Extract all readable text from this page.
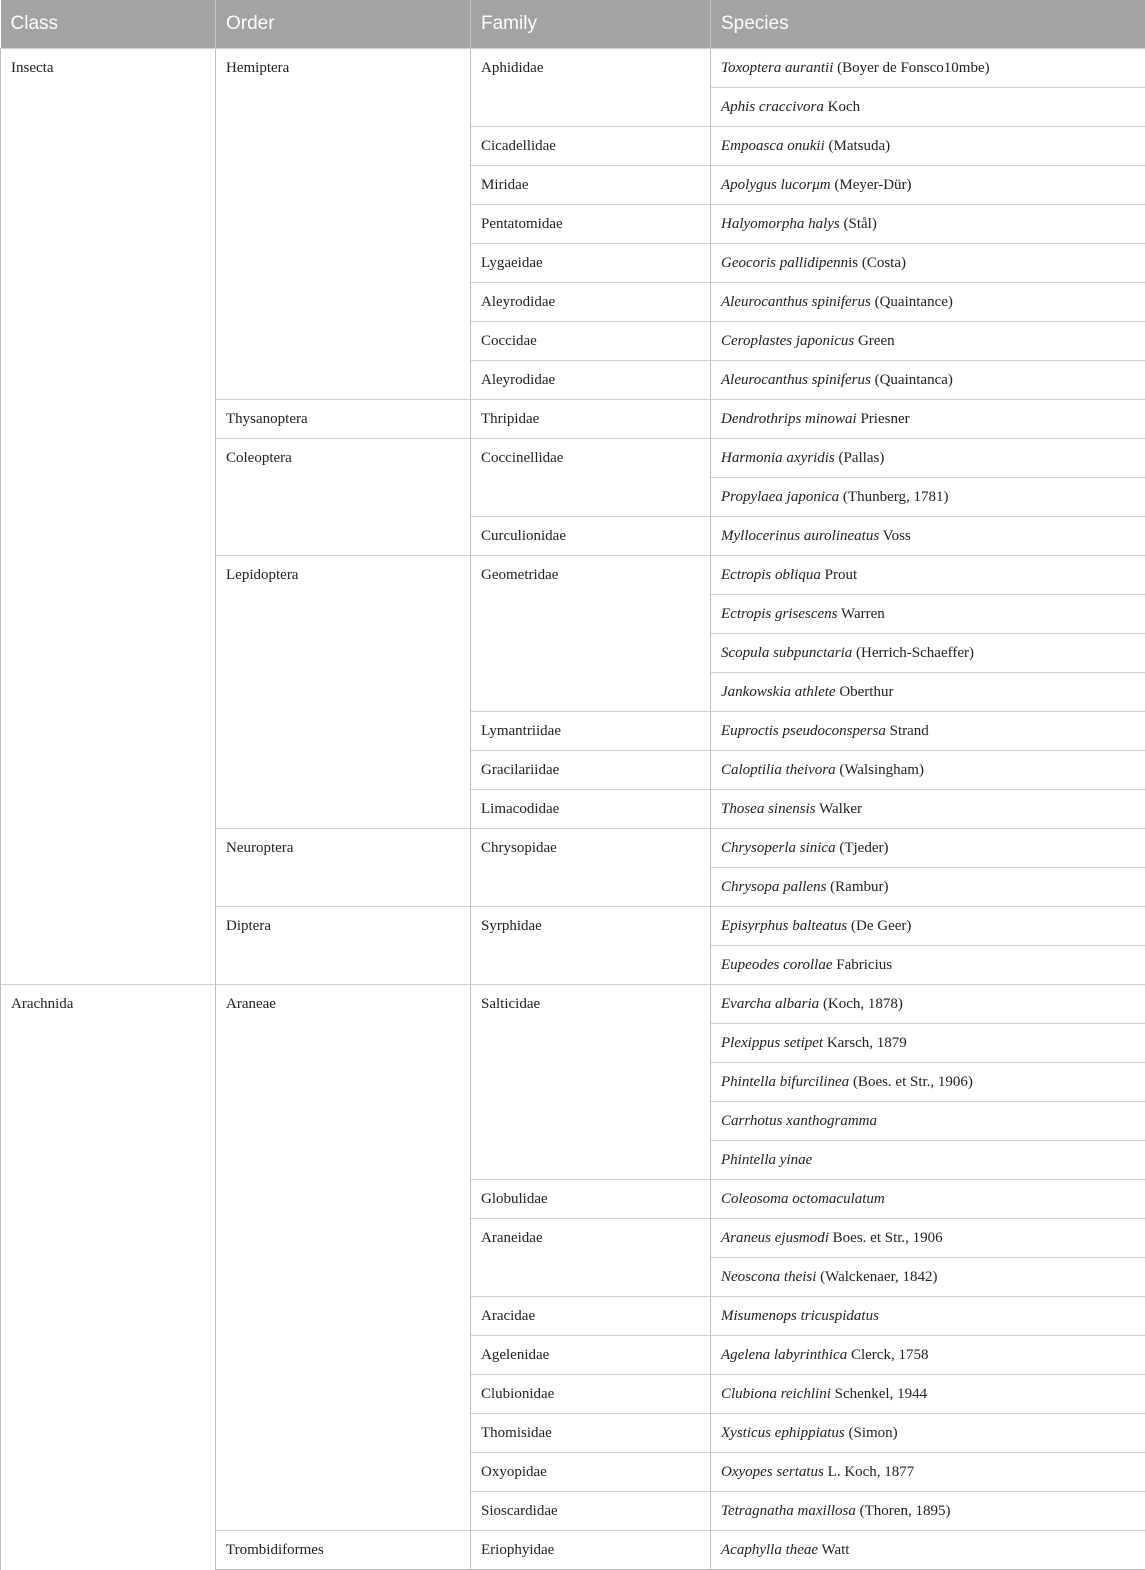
Class	Order	Family	Species
Insecta	Hemiptera	Aphididae	Toxoptera aurantii (Boyer de Fonsco10mbe)
			Aphis craccivora Koch
		Cicadellidae	Empoasca onukii (Matsuda)
		Miridae	Apolygus lucorμm (Meyer-Dür)
		Pentatomidae	Halyomorpha halys (Stål)
		Lygaeidae	Geocoris pallidipennis (Costa)
		Aleyrodidae	Aleurocanthus spiniferus (Quaintance)
		Coccidae	Ceroplastes japonicus Green
		Aleyrodidae	Aleurocanthus spiniferus (Quaintanca)
	Thysanoptera	Thripidae	Dendrothrips minowai Priesner
	Coleoptera	Coccinellidae	Harmonia axyridis (Pallas)
			Propylaea japonica (Thunberg, 1781)
		Curculionidae	Myllocerinus aurolineatus Voss
	Lepidoptera	Geometridae	Ectropis obliqua Prout
			Ectropis grisescens Warren
			Scopula subpunctaria (Herrich-Schaeffer)
			Jankowskia athlete Oberthur
		Lymantriidae	Euproctis pseudoconspersa Strand
		Gracilariidae	Caloptilia theivora (Walsingham)
		Limacodidae	Thosea sinensis Walker
	Neuroptera	Chrysopidae	Chrysoperla sinica (Tjeder)
			Chrysopa pallens (Rambur)
	Diptera	Syrphidae	Episyrphus balteatus (De Geer)
			Eupeodes corollae Fabricius
Arachnida	Araneae	Salticidae	Evarcha albaria (Koch, 1878)
			Plexippus setipet Karsch, 1879
			Phintella bifurcilinea (Boes. et Str., 1906)
			Carrhotus xanthogramma
			Phintella yinae
		Globulidae	Coleosoma octomaculatum
		Araneidae	Araneus ejusmodi Boes. et Str., 1906
			Neoscona theisi (Walckenaer, 1842)
		Aracidae	Misumenops tricuspidatus
		Agelenidae	Agelena labyrinthica Clerck, 1758
		Clubionidae	Clubiona reichlini Schenkel, 1944
		Thomisidae	Xysticus ephippiatus (Simon)
		Oxyopidae	Oxyopes sertatus L. Koch, 1877
		Sioscardidae	Tetragnatha maxillosa (Thoren, 1895)
	Trombidiformes	Eriophyidae	Acaphylla theae Watt
